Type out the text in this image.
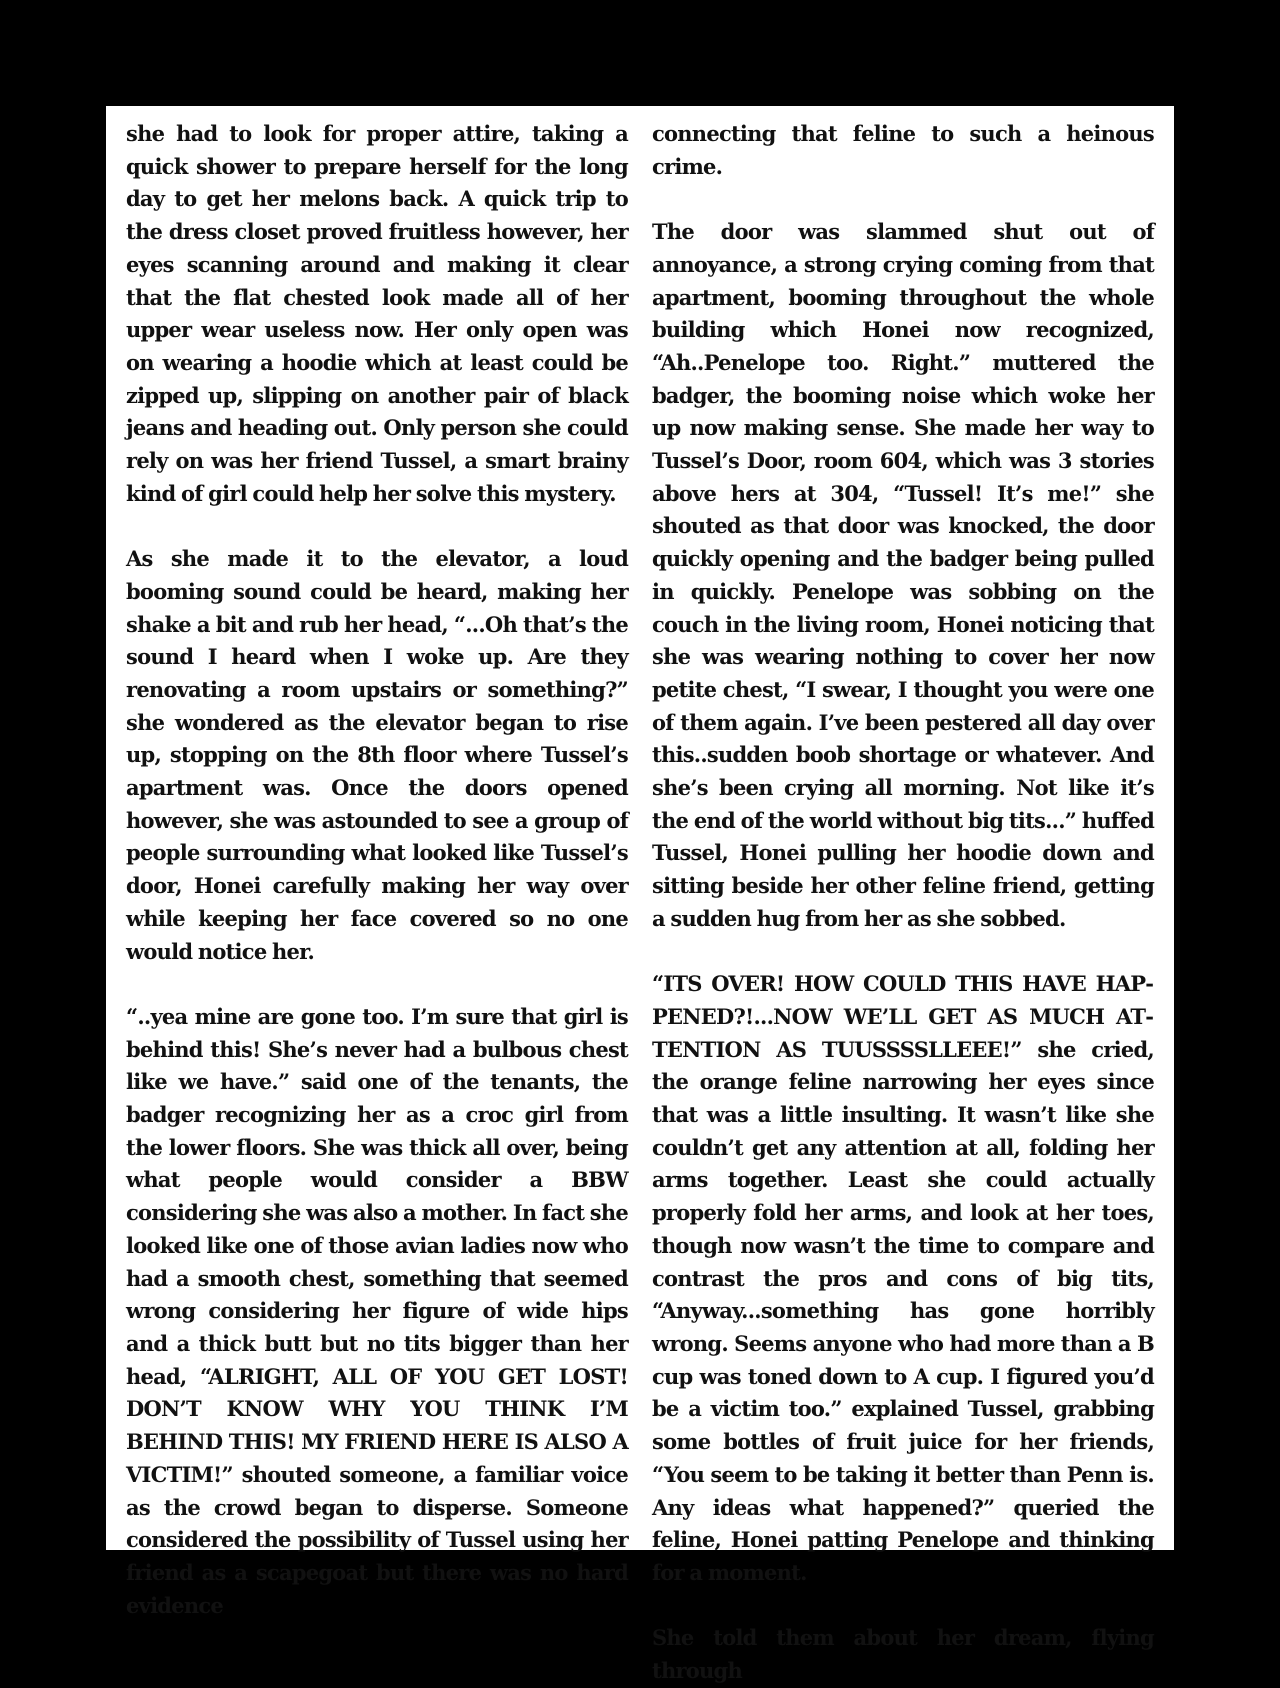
she had to look for proper attire, taking a quick shower to prepare herself for the long day to get her melons back. A quick trip to the dress closet proved fruitless however, her eyes scanning around and making it clear that the flat chested look made all of her upper wear useless now. Her only open was on wearing a hoodie which at least could be zipped up, slipping on another pair of black jeans and heading out. Only person she could rely on was her friend Tussel, a smart brainy kind of girl could help her solve this mystery.

As she made it to the elevator, a loud booming sound could be heard, making her shake a bit and rub her head, “...Oh that’s the sound I heard when I woke up. Are they renovating a room upstairs or something?” she wondered as the elevator began to rise up, stopping on the 8th floor where Tussel’s apartment was. Once the doors opened however, she was astounded to see a group of people surrounding what looked like Tussel’s door, Honei carefully making her way over while keeping her face covered so no one would notice her.

“..yea mine are gone too. I’m sure that girl is behind this! She’s never had a bulbous chest like we have.” said one of the tenants, the badger recognizing her as a croc girl from the lower floors. She was thick all over, being what people would consider a BBW considering she was also a mother. In fact she looked like one of those avian ladies now who had a smooth chest, something that seemed wrong considering her figure of wide hips and a thick butt but no tits bigger than her head, “ALRIGHT, ALL OF YOU GET LOST! DON’T KNOW WHY YOU THINK I’M BEHIND THIS! MY FRIEND HERE IS ALSO A VICTIM!” shouted someone, a familiar voice as the crowd began to disperse. Someone considered the possibility of Tussel using her friend as a scapegoat but there was no hard evidence

connecting that feline to such a heinous crime.

The door was slammed shut out of annoyance, a strong crying coming from that apartment, booming throughout the whole building which Honei now recognized, “Ah..Penelope too. Right.” muttered the badger, the booming noise which woke her up now making sense. She made her way to Tussel’s Door, room 604, which was 3 stories above hers at 304, “Tussel! It’s me!” she shouted as that door was knocked, the door quickly opening and the badger being pulled in quickly. Penelope was sobbing on the couch in the living room, Honei noticing that she was wearing nothing to cover her now petite chest, “I swear, I thought you were one of them again. I’ve been pestered all day over this..sudden boob shortage or whatever. And she’s been crying all morning. Not like it’s the end of the world without big tits...” huffed Tussel, Honei pulling her hoodie down and sitting beside her other feline friend, getting a sudden hug from her as she sobbed.

“ITS OVER! HOW COULD THIS HAVE HAPPENED?!...NOW WE’LL GET AS MUCH ATTENTION AS TUUSSSSLLEEE!” she cried, the orange feline narrowing her eyes since that was a little insulting. It wasn’t like she couldn’t get any attention at all, folding her arms together. Least she could actually properly fold her arms, and look at her toes, though now wasn’t the time to compare and contrast the pros and cons of big tits, “Anyway...something has gone horribly wrong. Seems anyone who had more than a B cup was toned down to A cup. I figured you’d be a victim too.” explained Tussel, grabbing some bottles of fruit juice for her friends, “You seem to be taking it better than Penn is. Any ideas what happened?” queried the feline, Honei patting Penelope and thinking for a moment.

She told them about her dream, flying through
